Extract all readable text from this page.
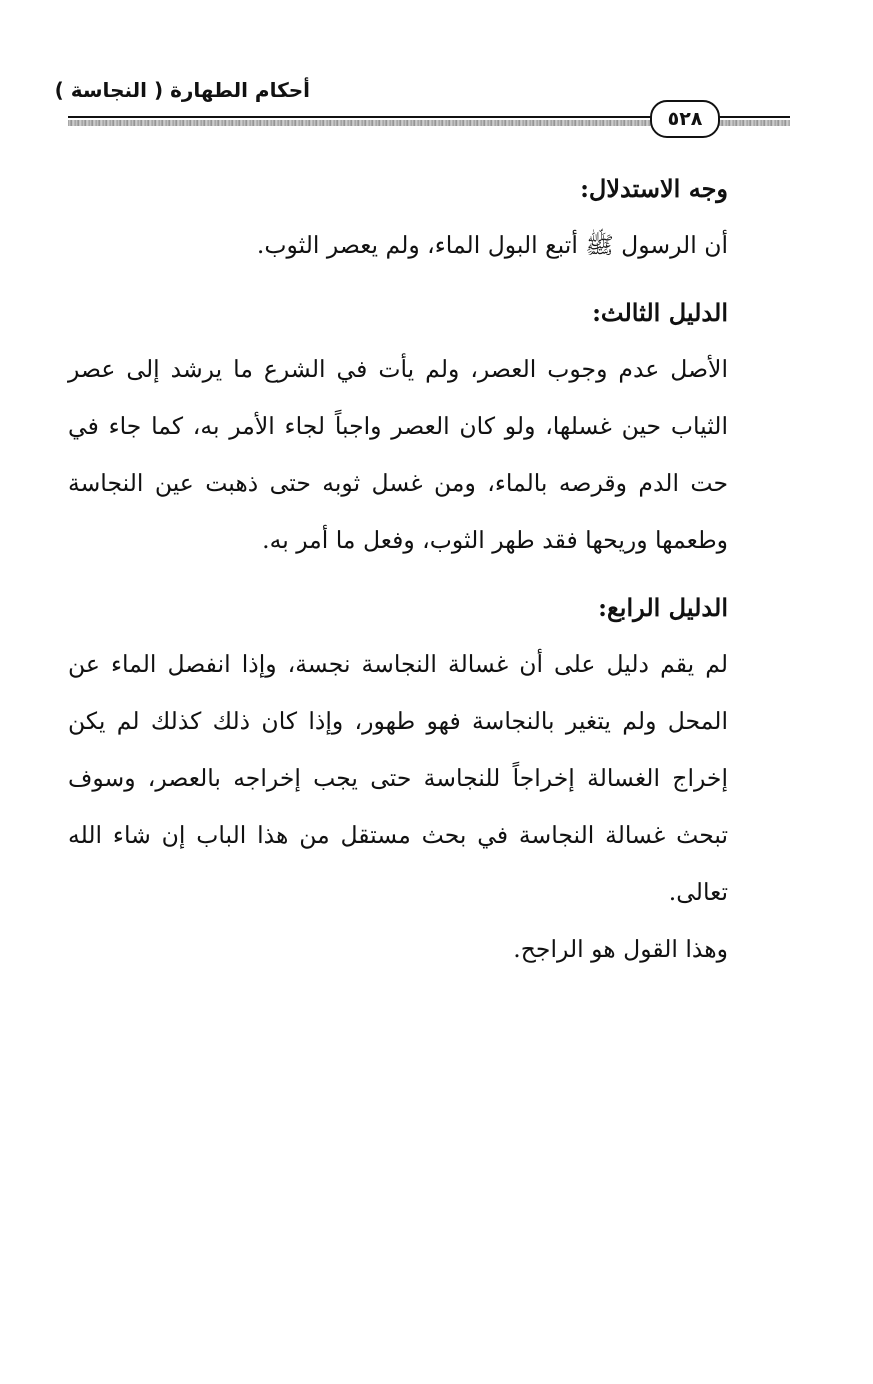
أحكام الطهارة ( النجاسة )
٥٢٨

وجه الاستدلال:

أن الرسول ﷺ أتبع البول الماء، ولم يعصر الثوب.

الدليل الثالث:

الأصل عدم وجوب العصر، ولم يأت في الشرع ما يرشد إلى عصر الثياب حين غسلها، ولو كان العصر واجباً لجاء الأمر به، كما جاء في حت الدم وقرصه بالماء، ومن غسل ثوبه حتى ذهبت عين النجاسة وطعمها وريحها فقد طهر الثوب، وفعل ما أمر به.

الدليل الرابع:

لم يقم دليل على أن غسالة النجاسة نجسة، وإذا انفصل الماء عن المحل ولم يتغير بالنجاسة فهو طهور، وإذا كان ذلك كذلك لم يكن إخراج الغسالة إخراجاً للنجاسة حتى يجب إخراجه بالعصر، وسوف تبحث غسالة النجاسة في بحث مستقل من هذا الباب إن شاء الله تعالى.

وهذا القول هو الراجح.
